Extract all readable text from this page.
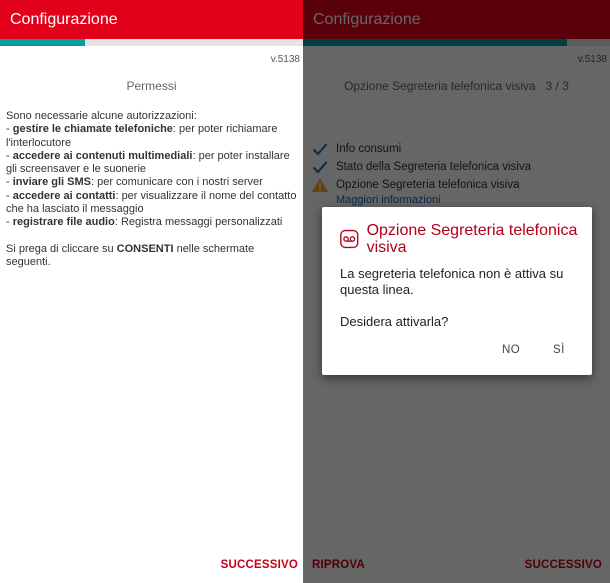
Configurazione
v.5138
Permessi

Sono necessarie alcune autorizzazioni:

- gestire le chiamate telefoniche: per poter richiamare l'interlocutore

- accedere ai contenuti multimediali: per poter installare gli screensaver e le suonerie

- inviare gli SMS: per comunicare con i nostri server

- accedere ai contatti: per visualizzare il nome del contatto che ha lasciato il messaggio

- registrare file audio: Registra messaggi personalizzati

Si prega di cliccare su CONSENTI nelle schermate seguenti.

SUCCESSIVO
Opzione Segreteria telefonica visiva

La segreteria telefonica non è attiva su questa linea.

Desidera attivarla?

NO	SÌ
